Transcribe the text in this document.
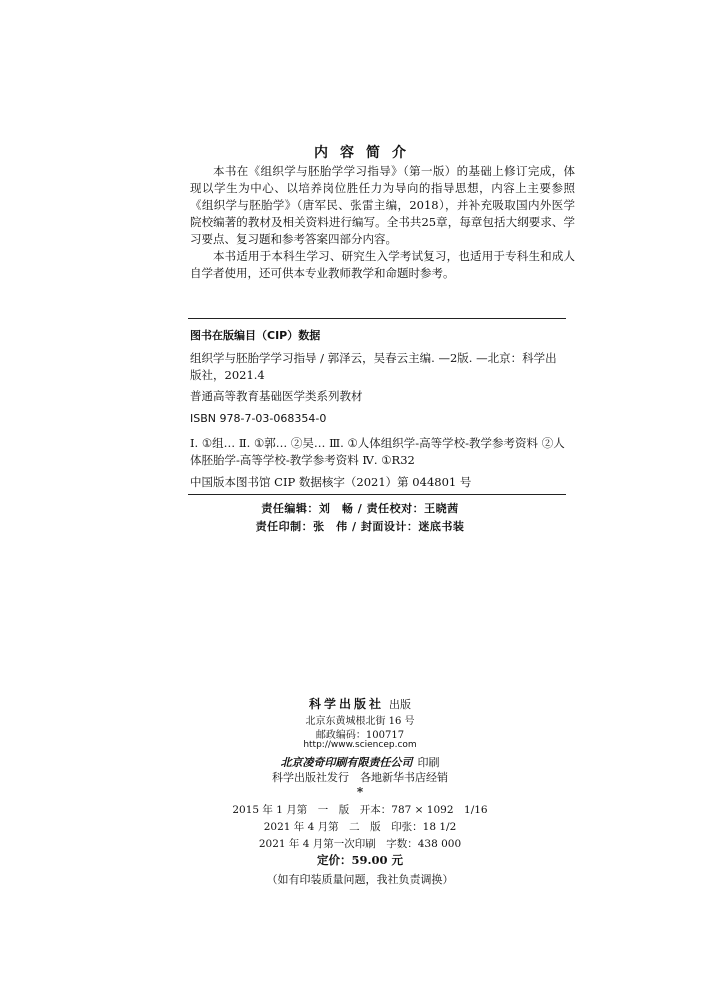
内容简介

本书在《组织学与胚胎学学习指导》（第一版）的基础上修订完成，体现以学生为中心、以培养岗位胜任力为导向的指导思想，内容上主要参照《组织学与胚胎学》（唐军民、张雷主编，2018），并补充吸取国内外医学院校编著的教材及相关资料进行编写。全书共25章，每章包括大纲要求、学习要点、复习题和参考答案四部分内容。

本书适用于本科生学习、研究生入学考试复习，也适用于专科生和成人自学者使用，还可供本专业教师教学和命题时参考。

图书在版编目（CIP）数据
组织学与胚胎学学习指导 / 郭泽云，吴春云主编. —2版. —北京：科学出版社，2021.4
普通高等教育基础医学类系列教材
ISBN 978-7-03-068354-0
Ⅰ. ①组… Ⅱ. ①郭… ②吴… Ⅲ. ①人体组织学-高等学校-教学参考资料 ②人体胚胎学-高等学校-教学参考资料 Ⅳ. ①R32
中国版本图书馆 CIP 数据核字（2021）第 044801 号
责任编辑：刘　畅 / 责任校对：王晓茜
责任印制：张　伟 / 封面设计：迷底书装
科学出版社 出版
北京东黄城根北街 16 号
邮政编码：100717
http://www.sciencep.com
北京凌奇印刷有限责任公司 印刷
科学出版社发行　各地新华书店经销
*
2015 年 1 月第　一　版　开本：787 × 1092　1/16
2021 年 4 月第　二　版　印张：18 1/2
2021 年 4 月第一次印刷　字数：438 000
定价：59.00 元
（如有印装质量问题，我社负责调换）
